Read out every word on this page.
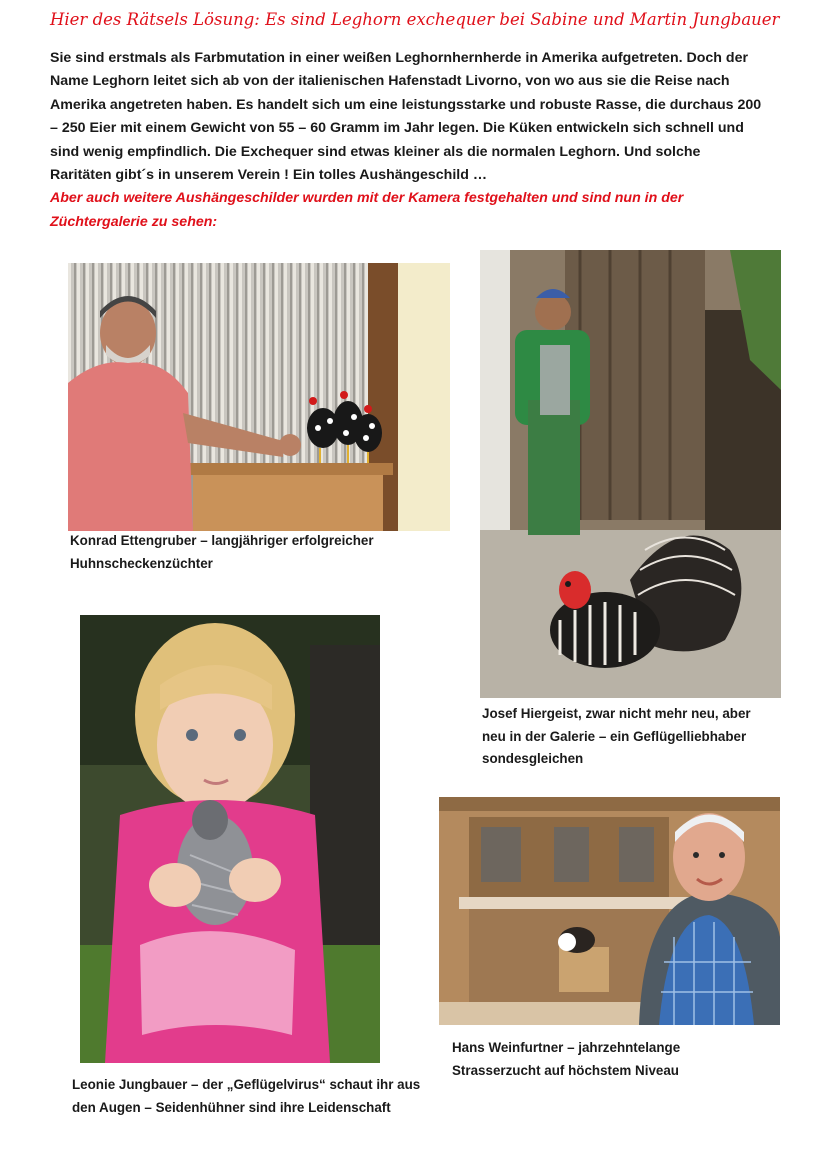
Hier des Rätsels Lösung: Es sind Leghorn exchequer bei Sabine und Martin Jungbauer

Sie sind erstmals als Farbmutation in einer weißen Leghornhernherde in Amerika aufgetreten. Doch der
Name Leghorn leitet sich ab von der italienischen Hafenstadt Livorno, von wo aus sie die Reise nach
Amerika angetreten haben. Es handelt sich um eine leistungsstarke und robuste Rasse, die durchaus 200
– 250 Eier mit einem Gewicht von 55 – 60 Gramm im Jahr legen. Die Küken entwickeln sich schnell und
sind wenig empfindlich. Die Exchequer sind etwas kleiner als die normalen Leghorn. Und solche
Raritäten gibt´s in unserem Verein ! Ein tolles Aushängeschild …
Aber auch weitere Aushängeschilder wurden mit der Kamera festgehalten und sind nun in der
Züchtergalerie zu sehen:

Konrad Ettengruber – langjähriger erfolgreicher
Huhnscheckenzüchter

Josef Hiergeist, zwar nicht mehr neu, aber
neu in der Galerie – ein Geflügelliebhaber
sondesgleichen

Leonie Jungbauer – der „Geflügelvirus“ schaut ihr aus
den Augen – Seidenhühner sind ihre Leidenschaft

Hans Weinfurtner – jahrzehntelange
Strasserzucht auf höchstem Niveau
